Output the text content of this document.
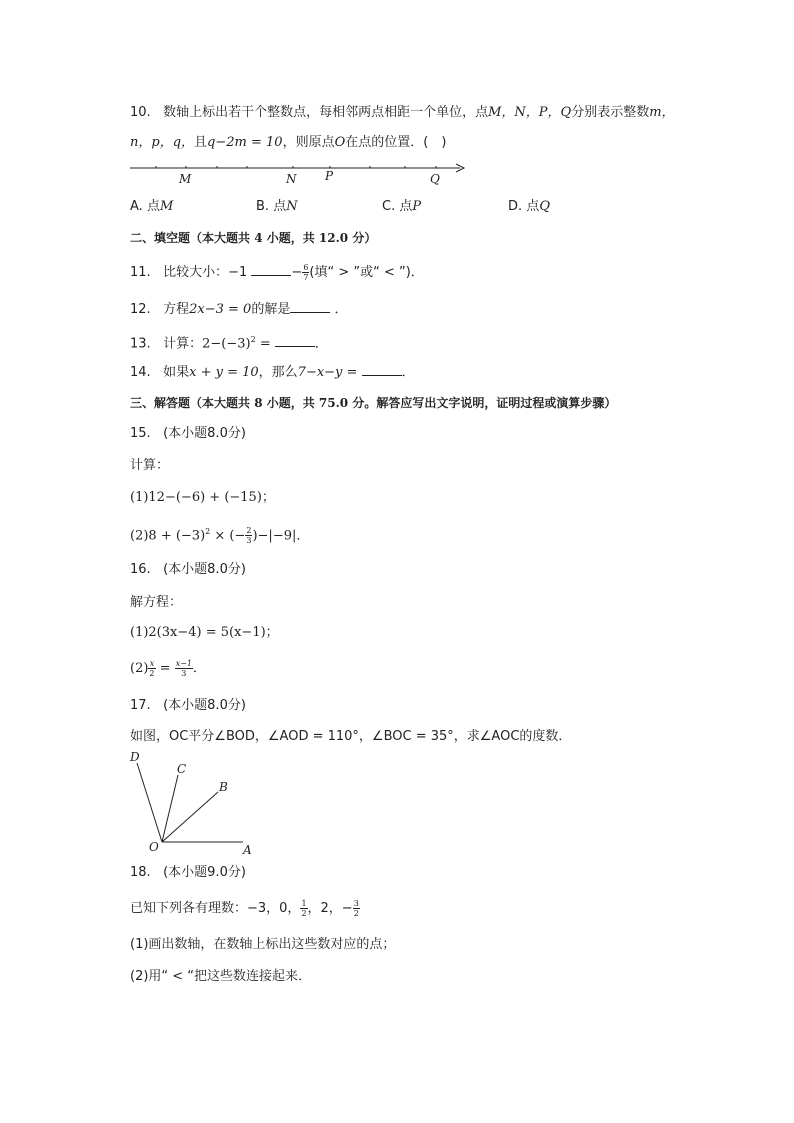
10. 数轴上标出若干个整数点，每相邻两点相距一个单位，点M，N，P，Q分别表示整数m，
n，p，q，且q−2m = 10，则原点O在点的位置．(　)
M	N P	Q
A. 点M	B. 点N	C. 点P	D. 点Q
二、填空题（本大题共 4 小题，共 12.0 分）
11. 比较大小：−1	− $\frac{6}{7}$ (填“ > ”或“ < ”)．
12. 方程2x−3 = 0的解是	．
13. 计算：$2-(-3)^2$ =	．
14. 如果x + y = 10，那么7−x−y =	．
三、解答题（本大题共 8 小题，共 75.0 分。解答应写出文字说明，证明过程或演算步骤）
15. (本小题8.0分)
计算：
(1)12−(−6) + (−15)；
$(2)8 + (-3)^2$ × (− $\frac{2}{3} )-|-9|$．
16. (本小题8.0分)
解方程：
(1)2(3x−4) = 5(x−1)；
$(2) \frac{x}{2} = \frac{x-1}{3}$ ．
17. (本小题8.0分)
如图，OC平分∠BOD，∠AOD = 110°，∠BOC = 35°，求∠AOC的度数．
D
C
B
O	A
18. (本小题9.0分)
已知下列各有理数：−3，0， $\frac{1}{2}$ ，2，− $\frac{3}{2}$
(1)画出数轴，在数轴上标出这些数对应的点；
(2)用“ < “把这些数连接起来．
